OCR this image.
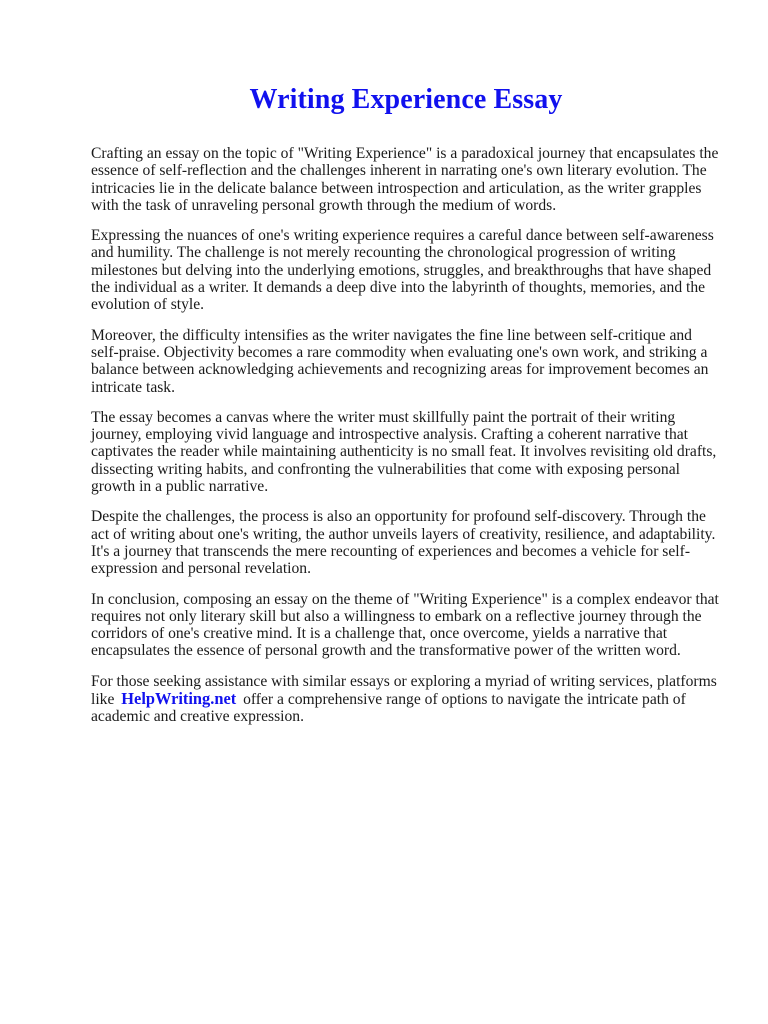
Writing Experience Essay

Crafting an essay on the topic of "Writing Experience" is a paradoxical journey that encapsulates the essence of self-reflection and the challenges inherent in narrating one's own literary evolution. The intricacies lie in the delicate balance between introspection and articulation, as the writer grapples with the task of unraveling personal growth through the medium of words.

Expressing the nuances of one's writing experience requires a careful dance between self-awareness and humility. The challenge is not merely recounting the chronological progression of writing milestones but delving into the underlying emotions, struggles, and breakthroughs that have shaped the individual as a writer. It demands a deep dive into the labyrinth of thoughts, memories, and the evolution of style.

Moreover, the difficulty intensifies as the writer navigates the fine line between self-critique and self-praise. Objectivity becomes a rare commodity when evaluating one's own work, and striking a balance between acknowledging achievements and recognizing areas for improvement becomes an intricate task.

The essay becomes a canvas where the writer must skillfully paint the portrait of their writing journey, employing vivid language and introspective analysis. Crafting a coherent narrative that captivates the reader while maintaining authenticity is no small feat. It involves revisiting old drafts, dissecting writing habits, and confronting the vulnerabilities that come with exposing personal growth in a public narrative.

Despite the challenges, the process is also an opportunity for profound self-discovery. Through the act of writing about one's writing, the author unveils layers of creativity, resilience, and adaptability. It's a journey that transcends the mere recounting of experiences and becomes a vehicle for self-expression and personal revelation.

In conclusion, composing an essay on the theme of "Writing Experience" is a complex endeavor that requires not only literary skill but also a willingness to embark on a reflective journey through the corridors of one's creative mind. It is a challenge that, once overcome, yields a narrative that encapsulates the essence of personal growth and the transformative power of the written word.

For those seeking assistance with similar essays or exploring a myriad of writing services, platforms like HelpWriting.net offer a comprehensive range of options to navigate the intricate path of academic and creative expression.
